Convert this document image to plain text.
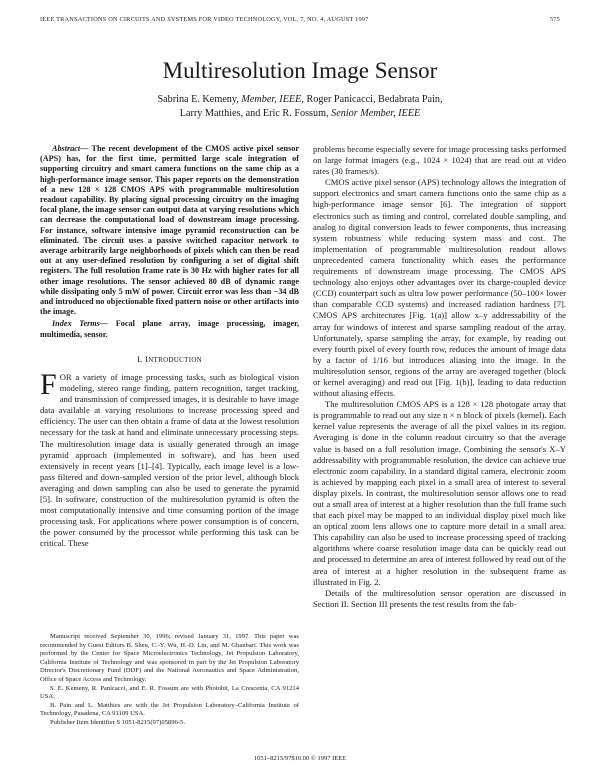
IEEE TRANSACTIONS ON CIRCUITS AND SYSTEMS FOR VIDEO TECHNOLOGY, VOL. 7, NO. 4, AUGUST 1997	575
Multiresolution Image Sensor
Sabrina E. Kemeny, Member, IEEE, Roger Panicacci, Bedabrata Pain,
Larry Matthies, and Eric R. Fossum, Senior Member, IEEE

Abstract— The recent development of the CMOS active pixel sensor (APS) has, for the first time, permitted large scale integration of supporting circuitry and smart camera functions on the same chip as a high-performance image sensor. This paper reports on the demonstration of a new 128 × 128 CMOS APS with programmable multiresolution readout capability. By placing signal processing circuitry on the imaging focal plane, the image sensor can output data at varying resolutions which can decrease the computational load of downstream image processing. For instance, software intensive image pyramid reconstruction can be eliminated. The circuit uses a passive switched capacitor network to average arbitrarily large neighborhoods of pixels which can then be read out at any user-defined resolution by configuring a set of digital shift registers. The full resolution frame rate is 30 Hz with higher rates for all other image resolutions. The sensor achieved 80 dB of dynamic range while dissipating only 5 mW of power. Circuit error was less than −34 dB and introduced no objectionable fixed pattern noise or other artifacts into the image.

Index Terms— Focal plane array, image processing, imager, multimedia, sensor.

I. INTRODUCTION

FOR a variety of image processing tasks, such as biological vision modeling, stereo range finding, pattern recognition, target tracking, and transmission of compressed images, it is desirable to have image data available at varying resolutions to increase processing speed and efficiency. The user can then obtain a frame of data at the lowest resolution necessary for the task at hand and eliminate unnecessary processing steps. The multiresolution image data is usually generated through an image pyramid approach (implemented in software), and has been used extensively in recent years [1]–[4]. Typically, each image level is a low-pass filtered and down-sampled version of the prior level, although block averaging and down sampling can also be used to generate the pyramid [5]. In software, construction of the multiresolution pyramid is often the most computationally intensive and time consuming portion of the image processing task. For applications where power consumption is of concern, the power consumed by the processor while performing this task can be critical. These

Manuscript received September 30, 1996; revised January 31, 1997. This paper was recommended by Guest Editors B. Sheu, C.-Y. Wu, H.-D. Lin, and M. Ghanbari. This work was performed by the Center for Space Microelectronics Technology, Jet Propulsion Laboratory, California Institute of Technology and was sponsored in part by the Jet Propulsion Laboratory Director's Discretionary Fund (DDF) and the National Aeronautics and Space Administration, Office of Space Access and Technology.

S. E. Kemeny, R. Panicacci, and E. R. Fossum are with Photobit, La Crescenta, CA 91214 USA.

B. Pain and L. Matthies are with the Jet Propulsion Laboratory–California Institute of Technology, Pasadena, CA 91109 USA.

Publisher Item Identifier S 1051-8215(97)05896-5.

problems become especially severe for image processing tasks performed on large format imagers (e.g., 1024 × 1024) that are read out at video rates (30 frames/s).

CMOS active pixel sensor (APS) technology allows the integration of support electronics and smart camera functions onto the same chip as a high-performance image sensor [6]. The integration of support electronics such as timing and control, correlated double sampling, and analog to digital conversion leads to fewer components, thus increasing system robustness while reducing system mass and cost. The implementation of programmable multiresolution readout allows unprecedented camera functionality which eases the performance requirements of downstream image processing. The CMOS APS technology also enjoys other advantages over its charge-coupled device (CCD) counterpart such as ultra low power performance (50–100× lower than comparable CCD systems) and increased radiation hardness [7]. CMOS APS architectures [Fig. 1(a)] allow x–y addressability of the array for windows of interest and sparse sampling readout of the array. Unfortunately, sparse sampling the array, for example, by reading out every fourth pixel of every fourth row, reduces the amount of image data by a factor of 1/16 but introduces aliasing into the image. In the multiresolution sensor, regions of the array are averaged together (block or kernel averaging) and read out [Fig. 1(b)], leading to data reduction without aliasing effects.

The multiresolution CMOS APS is a 128 × 128 photogate array that is programmable to read out any size n × n block of pixels (kernel). Each kernel value represents the average of all the pixel values in its region. Averaging is done in the column readout circuitry so that the average value is based on a full resolution image. Combining the sensor's X–Y addressability with programmable resolution, the device can achieve true electronic zoom capability. In a standard digital camera, electronic zoom is achieved by mapping each pixel in a small area of interest to several display pixels. In contrast, the multiresolution sensor allows one to read out a small area of interest at a higher resolution than the full frame such that each pixel may be mapped to an individual display pixel much like an optical zoom lens allows one to capture more detail in a small area. This capability can also be used to increase processing speed of tracking algorithms where coarse resolution image data can be quickly read out and processed to determine an area of interest followed by read out of the area of interest at a higher resolution in the subsequent frame as illustrated in Fig. 2.

Details of the multiresolution sensor operation are discussed in Section II. Section III presents the test results from the fab-

1051–8215/97$10.00 © 1997 IEEE
